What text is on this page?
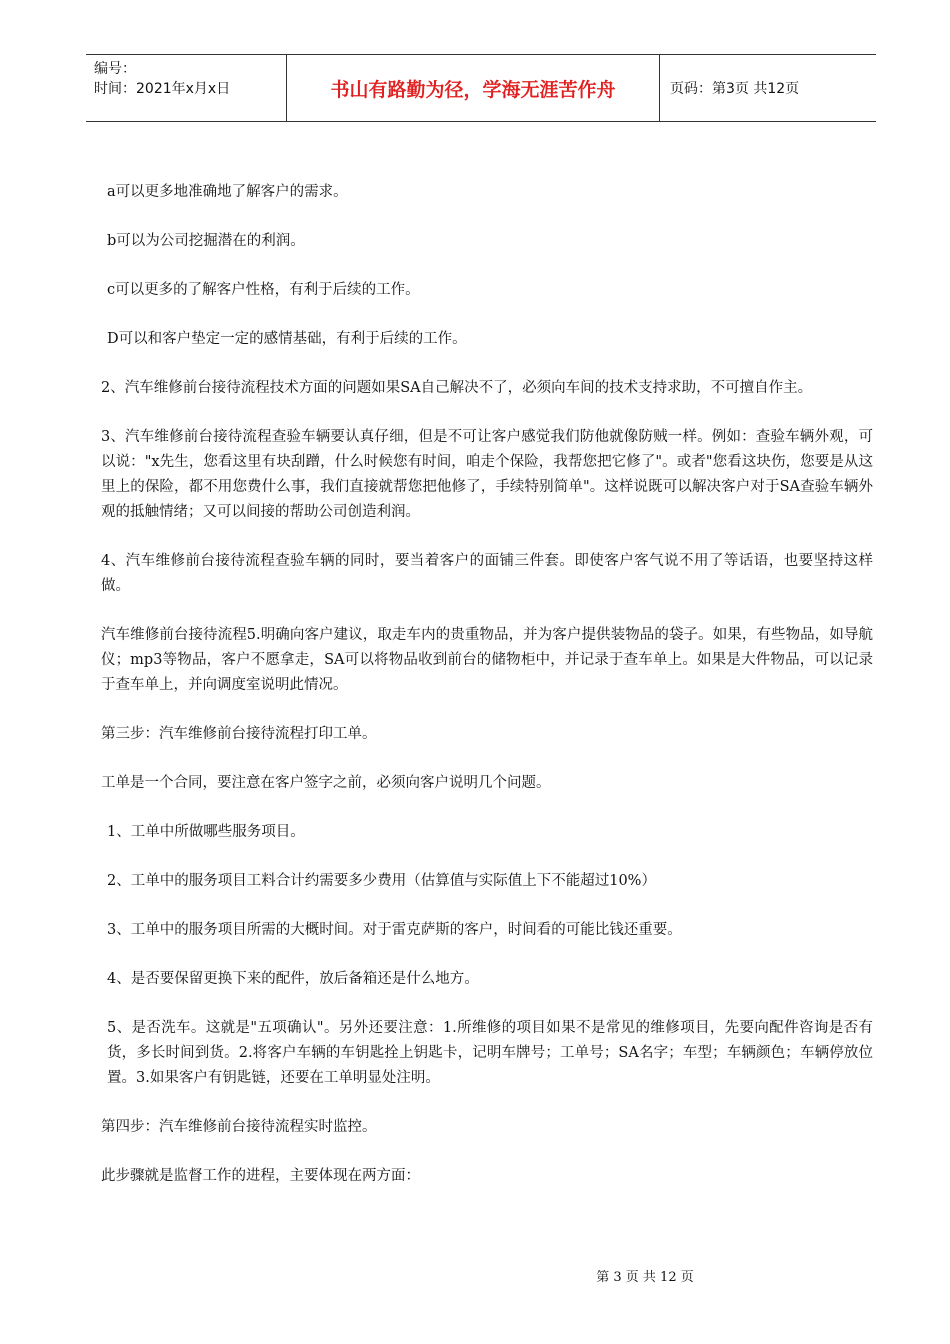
编号：
时间：2021年x月x日	书山有路勤为径，学海无涯苦作舟	页码：第3页 共12页

a可以更多地准确地了解客户的需求。

b可以为公司挖掘潜在的利润。

c可以更多的了解客户性格，有利于后续的工作。

D可以和客户垫定一定的感情基础，有利于后续的工作。

2、汽车维修前台接待流程技术方面的问题如果SA自己解决不了，必须向车间的技术支持求助，不可擅自作主。

3、汽车维修前台接待流程查验车辆要认真仔细，但是不可让客户感觉我们防他就像防贼一样。例如：查验车辆外观，可以说："x先生，您看这里有块刮蹭，什么时候您有时间，咱走个保险，我帮您把它修了"。或者"您看这块伤，您要是从这里上的保险，都不用您费什么事，我们直接就帮您把他修了，手续特别简单"。这样说既可以解决客户对于SA查验车辆外观的抵触情绪；又可以间接的帮助公司创造利润。

4、汽车维修前台接待流程查验车辆的同时，要当着客户的面铺三件套。即使客户客气说不用了等话语，也要坚持这样做。

汽车维修前台接待流程5.明确向客户建议，取走车内的贵重物品，并为客户提供装物品的袋子。如果，有些物品，如导航仪；mp3等物品，客户不愿拿走，SA可以将物品收到前台的储物柜中，并记录于查车单上。如果是大件物品，可以记录于查车单上，并向调度室说明此情况。

第三步：汽车维修前台接待流程打印工单。

工单是一个合同，要注意在客户签字之前，必须向客户说明几个问题。

1、工单中所做哪些服务项目。

2、工单中的服务项目工料合计约需要多少费用（估算值与实际值上下不能超过10%）

3、工单中的服务项目所需的大概时间。对于雷克萨斯的客户，时间看的可能比钱还重要。

4、是否要保留更换下来的配件，放后备箱还是什么地方。

5、是否洗车。这就是"五项确认"。另外还要注意：1.所维修的项目如果不是常见的维修项目，先要向配件咨询是否有货，多长时间到货。2.将客户车辆的车钥匙拴上钥匙卡，记明车牌号；工单号；SA名字；车型；车辆颜色；车辆停放位置。3.如果客户有钥匙链，还要在工单明显处注明。

第四步：汽车维修前台接待流程实时监控。

此步骤就是监督工作的进程，主要体现在两方面：

第 3 页 共 12 页
